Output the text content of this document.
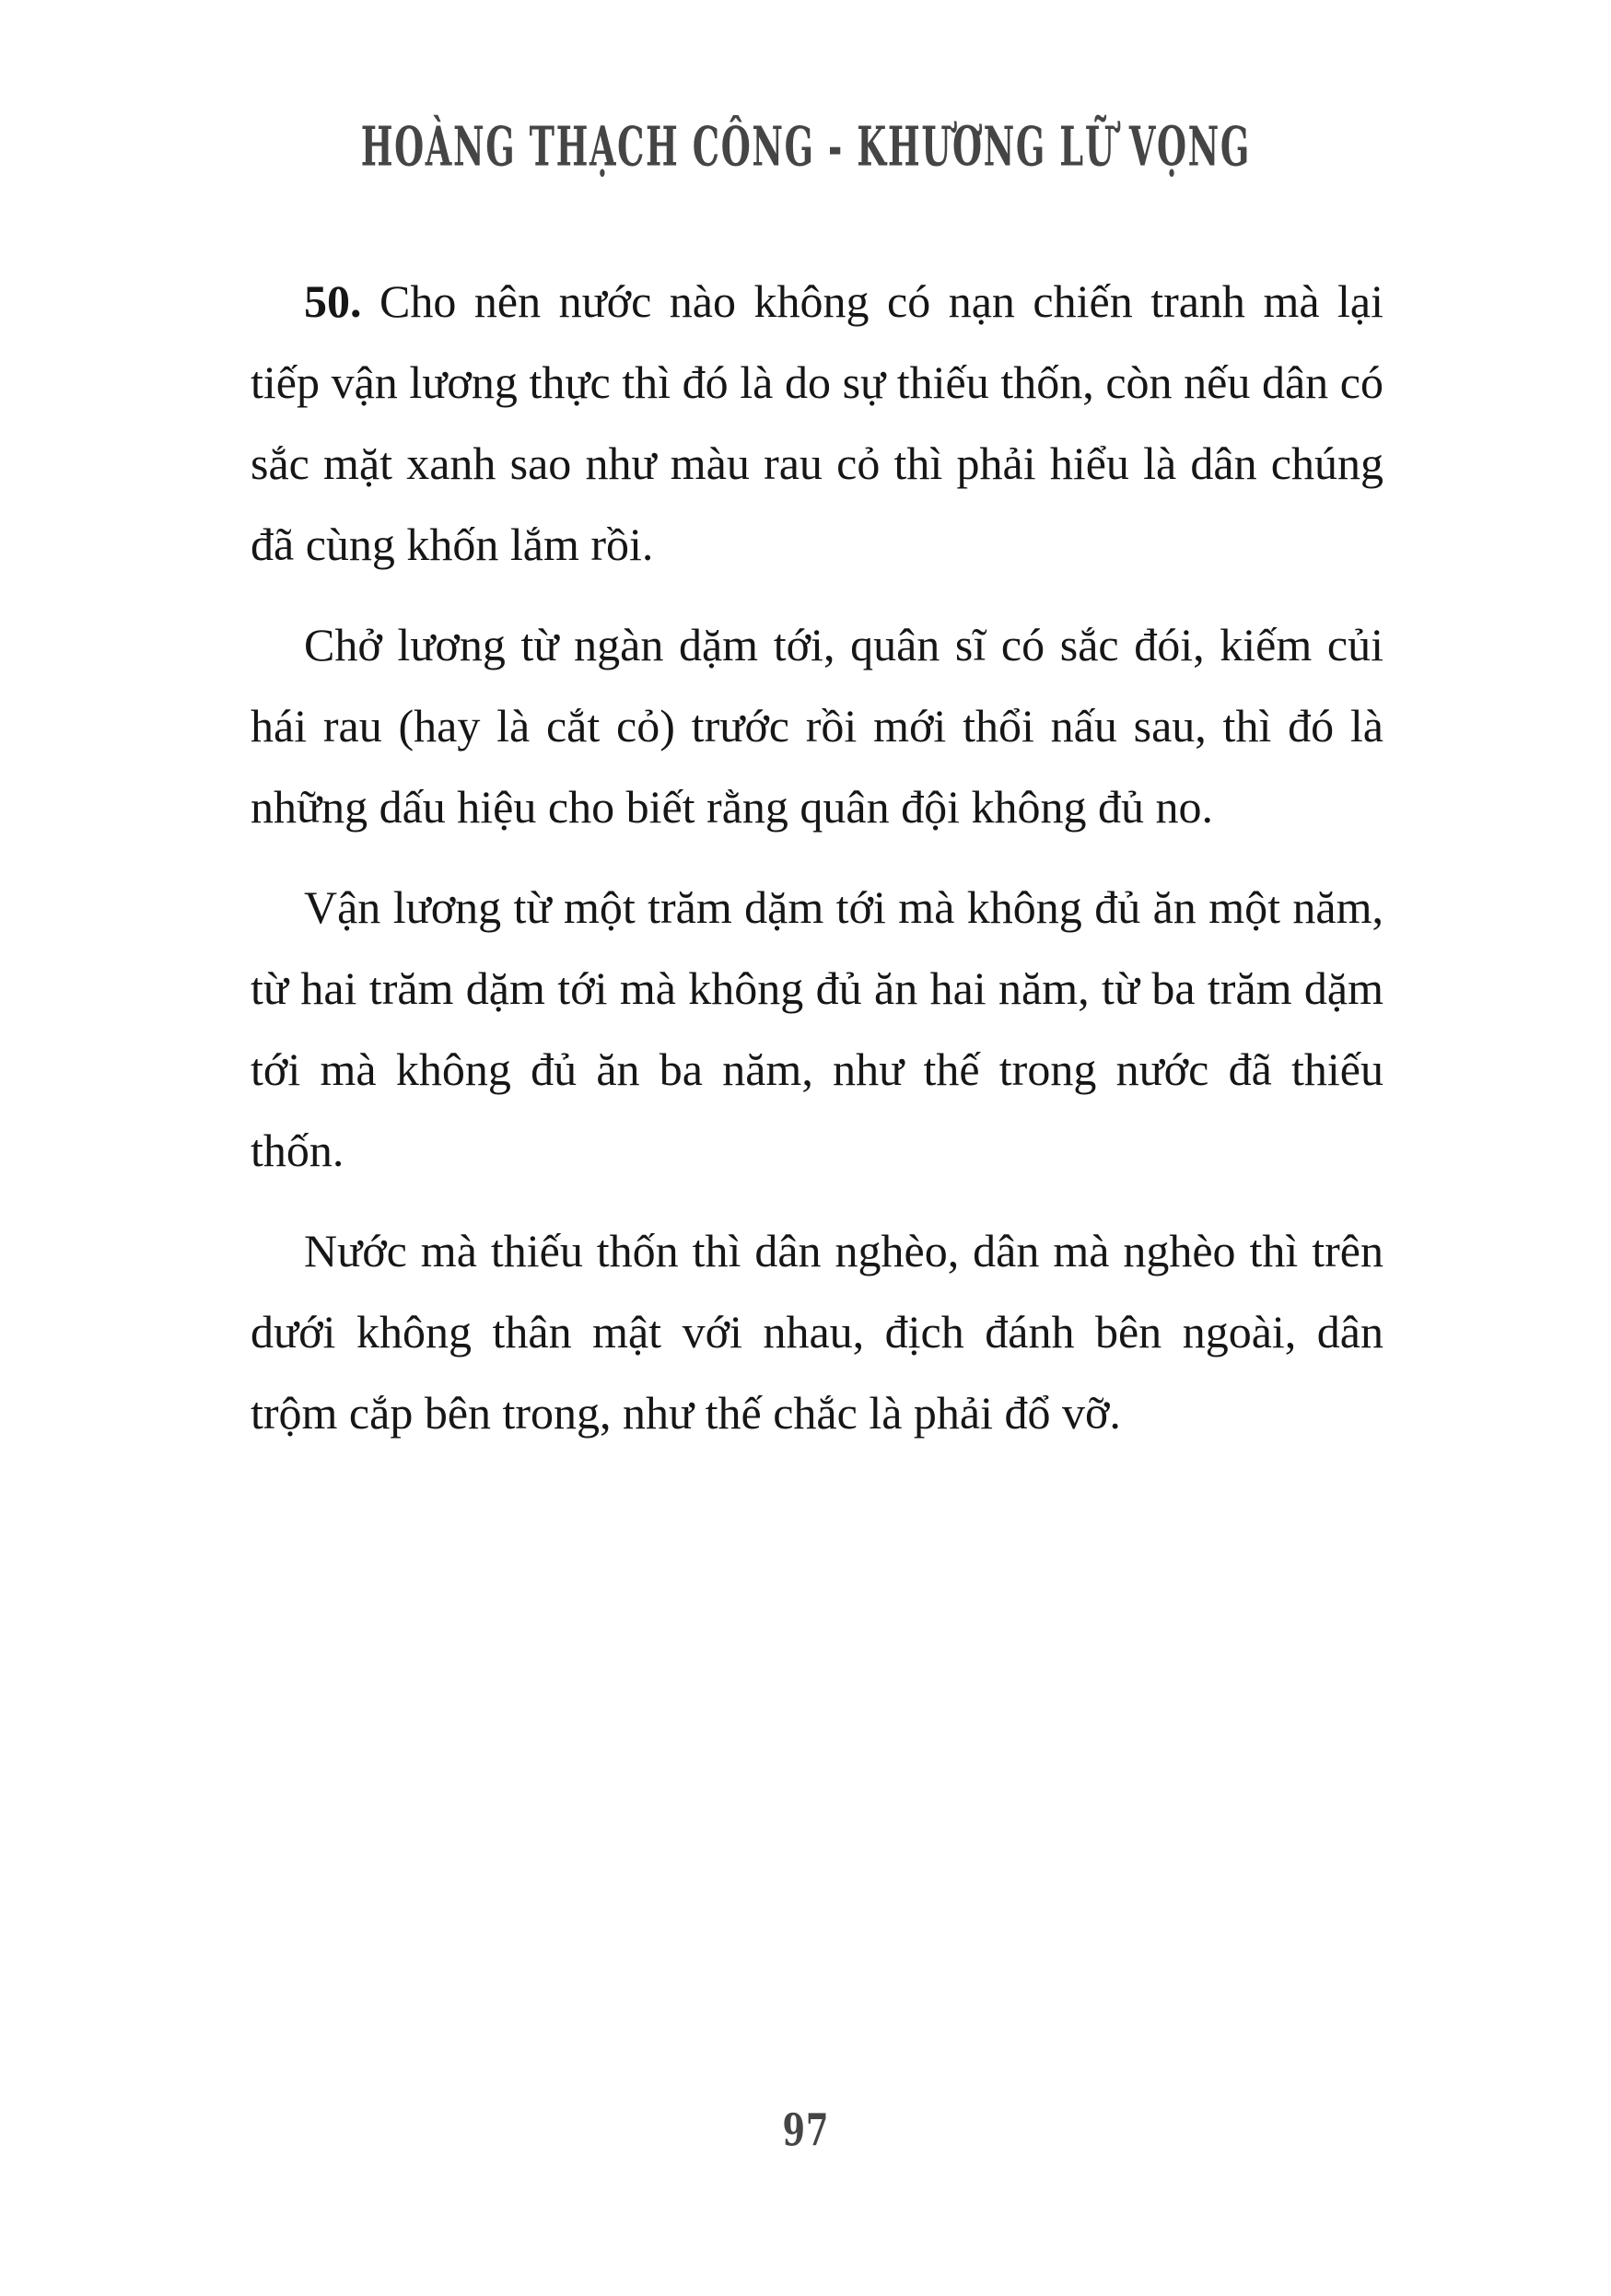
HOÀNG THẠCH CÔNG - KHƯƠNG LỮ VỌNG

50. Cho nên nước nào không có nạn chiến tranh mà lại tiếp vận lương thực thì đó là do sự thiếu thốn, còn nếu dân có sắc mặt xanh sao như màu rau cỏ thì phải hiểu là dân chúng đã cùng khốn lắm rồi.

Chở lương từ ngàn dặm tới, quân sĩ có sắc đói, kiếm củi hái rau (hay là cắt cỏ) trước rồi mới thổi nấu sau, thì đó là những dấu hiệu cho biết rằng quân đội không đủ no.

Vận lương từ một trăm dặm tới mà không đủ ăn một năm, từ hai trăm dặm tới mà không đủ ăn hai năm, từ ba trăm dặm tới mà không đủ ăn ba năm, như thế trong nước đã thiếu thốn.

Nước mà thiếu thốn thì dân nghèo, dân mà nghèo thì trên dưới không thân mật với nhau, địch đánh bên ngoài, dân trộm cắp bên trong, như thế chắc là phải đổ vỡ.

97
